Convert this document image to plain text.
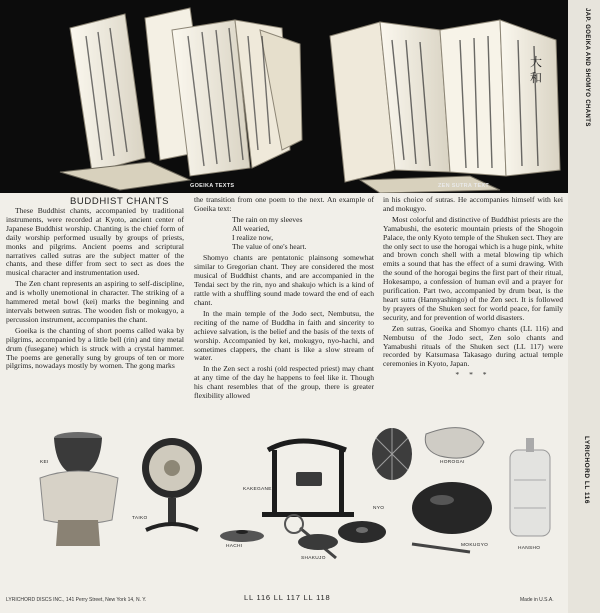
大
和
GOEIKA TEXTS	ZEN SUTRA TEXT
JAP. GOEIKA AND SHOMYO CHANTS
LYRICHORD LL 116
BUDDHIST CHANTS

These Buddhist chants, accompanied by traditional instruments, were recorded at Kyoto, ancient center of Japanese Buddhist worship. Chanting is the chief form of daily worship performed usually by groups of priests, monks and pilgrims. Ancient poems and scriptural narratives called sutras are the subject matter of the chants, and these differ from sect to sect as does the musical character and instrumentation used.

The Zen chant represents an aspiring to self-discipline, and is wholly unemotional in character. The striking of a hammered metal bowl (kei) marks the beginning and intervals between sutras. The wooden fish or mokugyo, a percussion instrument, accompanies the chant.

Goeika is the chanting of short poems called waka by pilgrims, accompanied by a little bell (rin) and tiny metal drum (fusegane) which is struck with a crystal hammer. The poems are generally sung by groups of ten or more pilgrims, nowadays mostly by women. The gong marks

the transition from one poem to the next. An example of Goeika text:

The rain on my sleeves
All wearied,
I realize now,
The value of one's heart.

Shomyo chants are pentatonic plainsong somewhat similar to Gregorian chant. They are considered the most musical of Buddhist chants, and are accompanied in the Tendai sect by the rin, nyo and shakujo which is a kind of rattle with a shuffling sound made toward the end of each chant.

In the main temple of the Jodo sect, Nembutsu, the reciting of the name of Buddha in faith and sincerity to achieve salvation, is the belief and the basis of the texts of worship. Accompanied by kei, mokugyo, nyo-hachi, and sometimes clappers, the chant is like a slow stream of water.

In the Zen sect a roshi (old respected priest) may chant at any time of the day he happens to feel like it. Though his chant resembles that of the group, there is greater flexibility allowed

in his choice of sutras. He accompanies himself with kei and mokugyo.

Most colorful and distinctive of Buddhist priests are the Yamabushi, the esoteric mountain priests of the Shogoin Palace, the only Kyoto temple of the Shuken sect. They are the only sect to use the horogai which is a huge pink, white and brown conch shell with a metal blowing tip which emits a sound that has the effect of a sumi drawing. With the sound of the horogai begins the first part of their ritual, Hokesampo, a confession of human evil and a prayer for purification. Part two, accompanied by drum beat, is the heart sutra (Hannyashingo) of the Zen sect. It is followed by prayers of the Shuken sect for world peace, for family security, and for prevention of world disasters.

Zen sutras, Goeika and Shomyo chants (LL 116) and Nembutsu of the Jodo sect, Zen solo chants and Yamabushi rituals of the Shuken sect (LL 117) were recorded by Katsumasa Takasago during actual temple ceremonies in Kyoto, Japan.

* * *
KEI
TAIKO
KAKEGANE
HACHI
SHAKUJO
NYO
HOROGAI
MOKUGYO
HANSHO
LYRICHORD DISCS INC., 141 Perry Street, New York 14, N. Y.	LL 116 LL 117 LL 118	Made in U.S.A.
